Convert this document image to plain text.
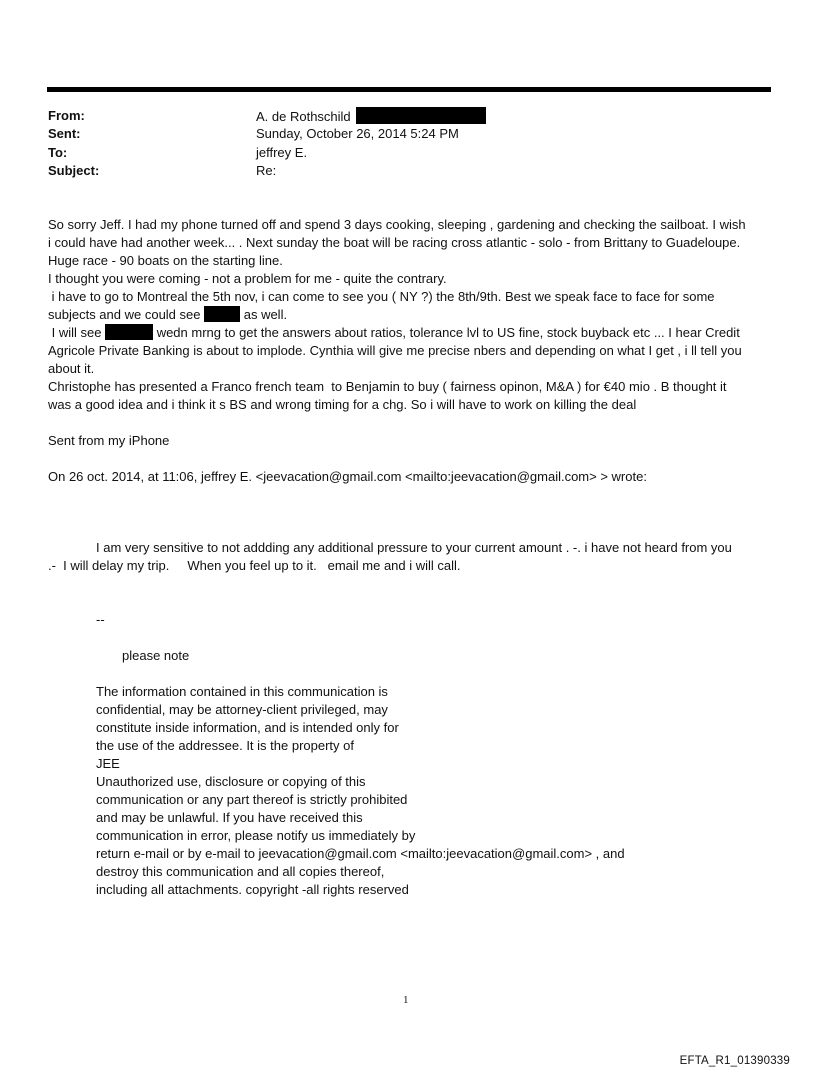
From:	A. de Rothschild
Sent:	Sunday, October 26, 2014 5:24 PM
To:	jeffrey E.
Subject:	Re:
So sorry Jeff. I had my phone turned off and spend 3 days cooking, sleeping , gardening and checking the sailboat. I wish
i could have had another week... . Next sunday the boat will be racing cross atlantic - solo - from Brittany to Guadeloupe.
Huge race - 90 boats on the starting line.
I thought you were coming - not a problem for me - quite the contrary.
i have to go to Montreal the 5th nov, i can come to see you ( NY ?) the 8th/9th. Best we speak face to face for some
subjects and we could see	as well.
I will see	wedn mrng to get the answers about ratios, tolerance lvl to US fine, stock buyback etc ... I hear Credit
Agricole Private Banking is about to implode. Cynthia will give me precise nbers and depending on what I get , i ll tell you
about it.
Christophe has presented a Franco french team  to Benjamin to buy ( fairness opinon, M&A ) for €40 mio . B thought it
was a good idea and i think it s BS and wrong timing for a chg. So i will have to work on killing the deal
Sent from my iPhone
On 26 oct. 2014, at 11:06, jeffrey E. <jeevacation@gmail.com <mailto:jeevacation@gmail.com> > wrote:
I am very sensitive to not addding any additional pressure to your current amount . -. i have not heard from you
.-  I will delay my trip.     When you feel up to it.   email me and i will call.
--
please note
The information contained in this communication is
confidential, may be attorney-client privileged, may
constitute inside information, and is intended only for
the use of the addressee. It is the property of
JEE
Unauthorized use, disclosure or copying of this
communication or any part thereof is strictly prohibited
and may be unlawful. If you have received this
communication in error, please notify us immediately by
return e-mail or by e-mail to jeevacation@gmail.com <mailto:jeevacation@gmail.com> , and
destroy this communication and all copies thereof,
including all attachments. copyright -all rights reserved
1
EFTA_R1_01390339
